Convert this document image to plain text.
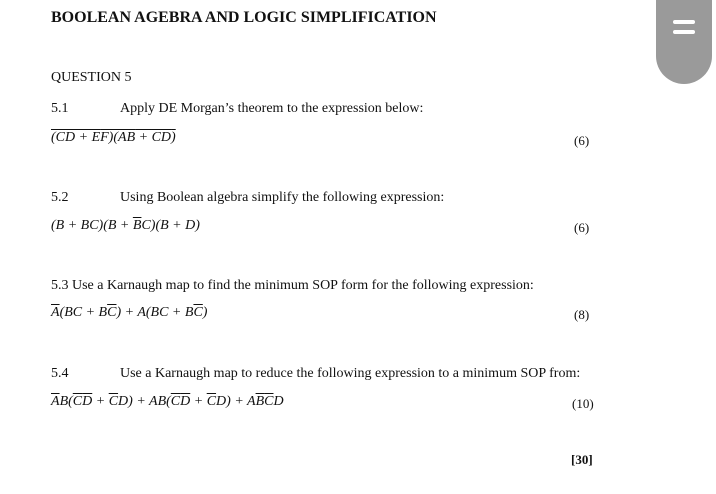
BOOLEAN AGEBRA AND LOGIC SIMPLIFICATION
QUESTION 5
5.1	Apply DE Morgan’s theorem to the expression below:
(CD + EF)(AB + CD)	(6)
5.2	Using Boolean algebra simplify the following expression:
$(B + BC)(B + \overline{B}C)(B + D)$	(6)
5.3 Use a Karnaugh map to find the minimum SOP form for the following expression:
$\overline{A}(BC + B\overline{C}) + A(BC + B\overline{C})$	(8)
5.4	Use a Karnaugh map to reduce the following expression to a minimum SOP from:
$\overline{A}B(\overline{C}\overline{D} + \overline{C}D) + AB(\overline{C}\overline{D} + \overline{C}D) + A\overline{B}\overline{C}D$	(10)
[30]
